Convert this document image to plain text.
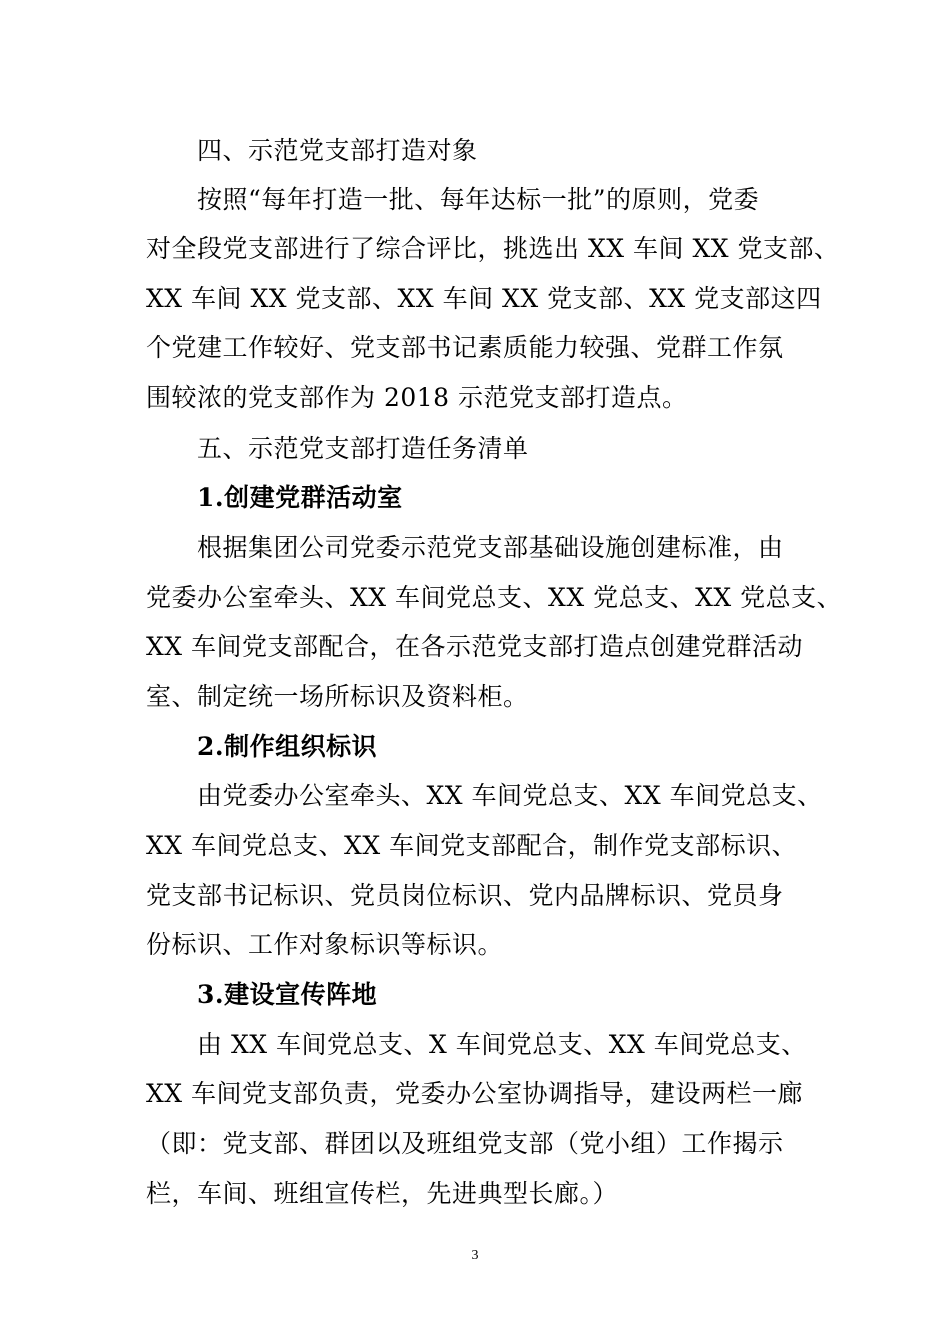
四、示范党支部打造对象
按照“每年打造一批、每年达标一批”的原则，党委
对全段党支部进行了综合评比，挑选出 XX 车间 XX 党支部、
XX 车间 XX 党支部、XX 车间 XX 党支部、XX 党支部这四
个党建工作较好、党支部书记素质能力较强、党群工作氛
围较浓的党支部作为 2018 示范党支部打造点。
五、示范党支部打造任务清单
1.创建党群活动室
根据集团公司党委示范党支部基础设施创建标准，由
党委办公室牵头、XX 车间党总支、XX 党总支、XX 党总支、
XX 车间党支部配合，在各示范党支部打造点创建党群活动
室、制定统一场所标识及资料柜。
2.制作组织标识
由党委办公室牵头、XX 车间党总支、XX 车间党总支、
XX 车间党总支、XX 车间党支部配合，制作党支部标识、
党支部书记标识、党员岗位标识、党内品牌标识、党员身
份标识、工作对象标识等标识。
3.建设宣传阵地
由 XX 车间党总支、X 车间党总支、XX 车间党总支、
XX 车间党支部负责，党委办公室协调指导，建设两栏一廊
（即：党支部、群团以及班组党支部（党小组）工作揭示
栏，车间、班组宣传栏，先进典型长廊。）
3
